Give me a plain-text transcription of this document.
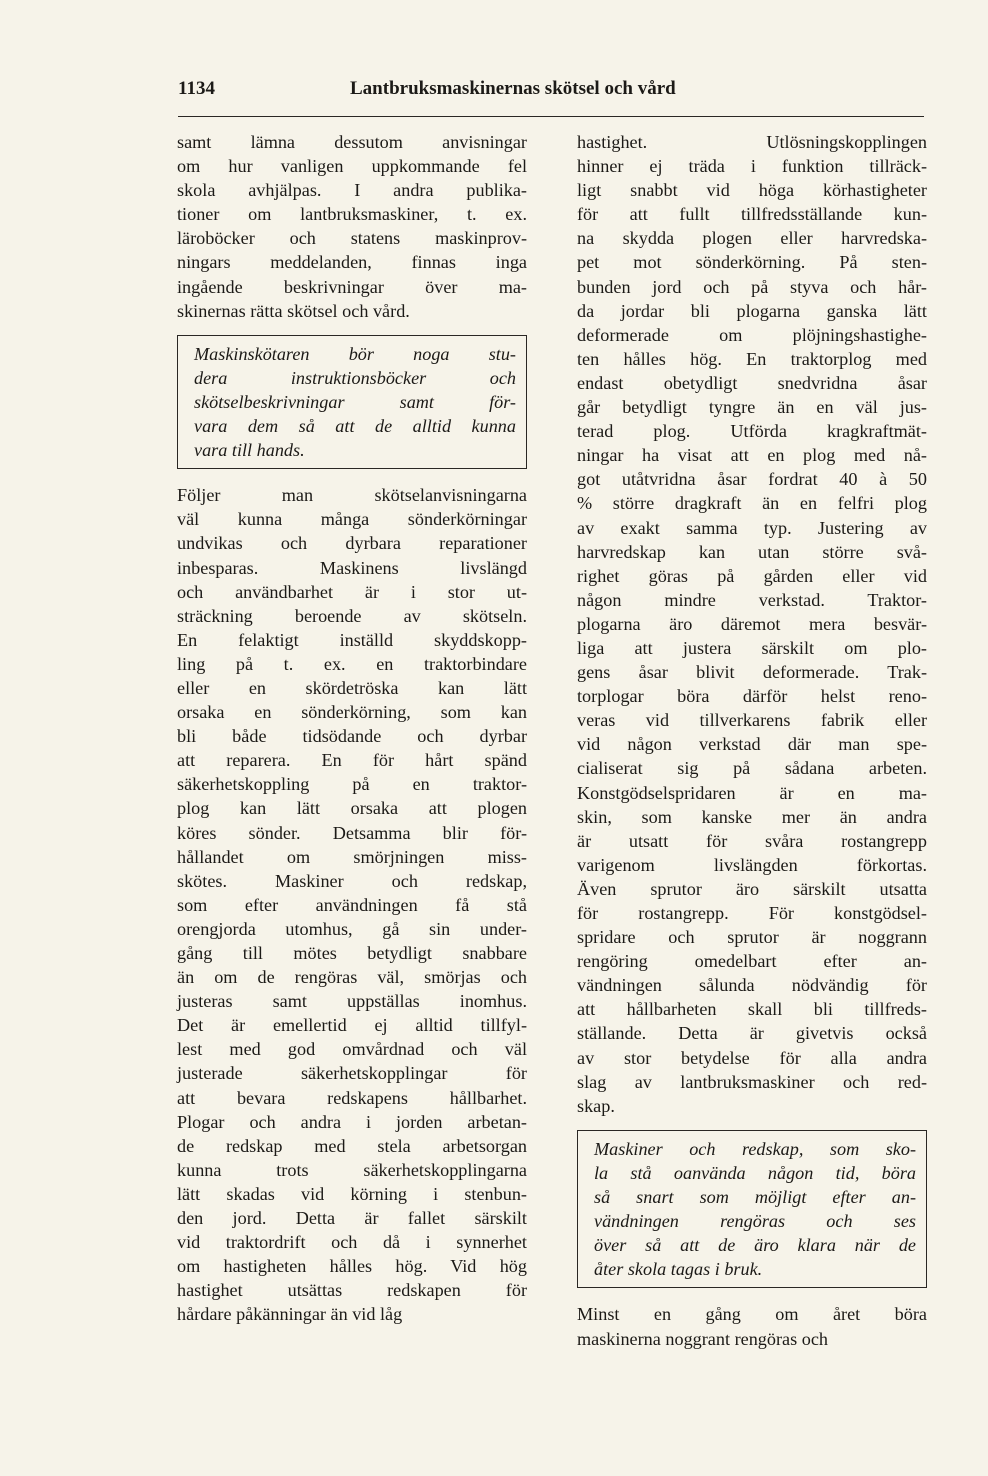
1134	Lantbruksmaskinernas skötsel och vård

samt lämna dessutom anvisningar
om hur vanligen uppkommande fel
skola avhjälpas. I andra publika-
tioner om lantbruksmaskiner, t. ex.
läroböcker och statens maskinprov-
ningars meddelanden, finnas inga
ingående beskrivningar över ma-
skinernas rätta skötsel och vård.

Maskinskötaren bör noga stu-
dera instruktionsböcker och
skötselbeskrivningar samt för-
vara dem så att de alltid kunna
vara till hands.

Följer man skötselanvisningarna
väl kunna många sönderkörningar
undvikas och dyrbara reparationer
inbesparas. Maskinens livslängd
och användbarhet är i stor ut-
sträckning beroende av skötseln.
En felaktigt inställd skyddskopp-
ling på t. ex. en traktorbindare
eller en skördetröska kan lätt
orsaka en sönderkörning, som kan
bli både tidsödande och dyrbar
att reparera. En för hårt spänd
säkerhetskoppling på en traktor-
plog kan lätt orsaka att plogen
köres sönder. Detsamma blir för-
hållandet om smörjningen miss-
skötes. Maskiner och redskap,
som efter användningen få stå
orengjorda utomhus, gå sin under-
gång till mötes betydligt snabbare
än om de rengöras väl, smörjas och
justeras samt uppställas inomhus.
Det är emellertid ej alltid tillfyl-
lest med god omvårdnad och väl
justerade säkerhetskopplingar för
att bevara redskapens hållbarhet.
Plogar och andra i jorden arbetan-
de redskap med stela arbetsorgan
kunna trots säkerhetskopplingarna
lätt skadas vid körning i stenbun-
den jord. Detta är fallet särskilt
vid traktordrift och då i synnerhet
om hastigheten hålles hög. Vid hög
hastighet utsättas redskapen för
hårdare påkänningar än vid låg

hastighet. Utlösningskopplingen
hinner ej träda i funktion tillräck-
ligt snabbt vid höga körhastigheter
för att fullt tillfredsställande kun-
na skydda plogen eller harvredska-
pet mot sönderkörning. På sten-
bunden jord och på styva och hår-
da jordar bli plogarna ganska lätt
deformerade om plöjningshastighe-
ten hålles hög. En traktorplog med
endast obetydligt snedvridna åsar
går betydligt tyngre än en väl jus-
terad plog. Utförda kragkraftmät-
ningar ha visat att en plog med nå-
got utåtvridna åsar fordrat 40 à 50
% större dragkraft än en felfri plog
av exakt samma typ. Justering av
harvredskap kan utan större svå-
righet göras på gården eller vid
någon mindre verkstad. Traktor-
plogarna äro däremot mera besvär-
liga att justera särskilt om plo-
gens åsar blivit deformerade. Trak-
torplogar böra därför helst reno-
veras vid tillverkarens fabrik eller
vid någon verkstad där man spe-
cialiserat sig på sådana arbeten.
Konstgödselspridaren är en ma-
skin, som kanske mer än andra
är utsatt för svåra rostangrepp
varigenom livslängden förkortas.
Även sprutor äro särskilt utsatta
för rostangrepp. För konstgödsel-
spridare och sprutor är noggrann
rengöring omedelbart efter an-
vändningen sålunda nödvändig för
att hållbarheten skall bli tillfreds-
ställande. Detta är givetvis också
av stor betydelse för alla andra
slag av lantbruksmaskiner och red-
skap.

Maskiner och redskap, som sko-
la stå oanvända någon tid, böra
så snart som möjligt efter an-
vändningen rengöras och ses
över så att de äro klara när de
åter skola tagas i bruk.

Minst en gång om året böra
maskinerna noggrant rengöras och
